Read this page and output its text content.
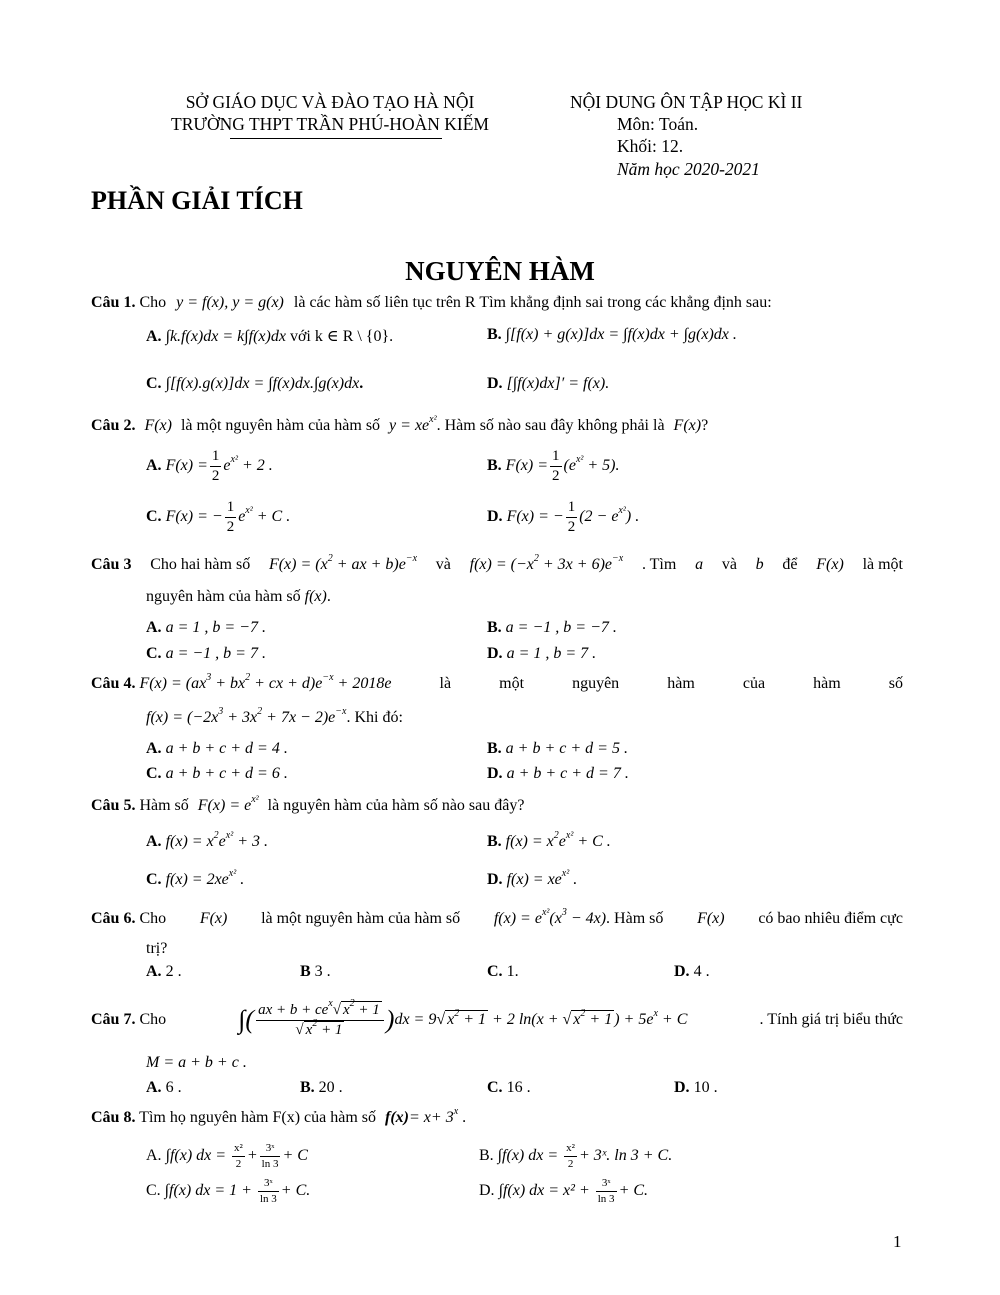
SỞ GIÁO DỤC VÀ ĐÀO TẠO HÀ NỘI
TRƯỜNG THPT TRẦN PHÚ-HOÀN KIẾM
NỘI DUNG ÔN TẬP HỌC KÌ II
Môn: Toán.
Khối: 12.
Năm học 2020-2021
PHẦN GIẢI TÍCH
NGUYÊN HÀM
Câu 1. Cho y = f(x), y = g(x) là các hàm số liên tục trên R Tìm khẳng định sai trong các khẳng định sau:
A. ∫k.f(x)dx = k∫f(x)dx với k ∈ R \ {0}.	B. ∫[f(x) + g(x)]dx = ∫f(x)dx + ∫g(x)dx .
C. ∫[f(x).g(x)]dx = ∫f(x)dx.∫g(x)dx.	D. [∫f(x)dx]′ = f(x).
Câu 2. F(x) là một nguyên hàm của hàm số $y = xe^{x^2}$. Hàm số nào sau đây không phải là F(x)?
A. $F(x) = \frac{1}{2} e^{x^2} + 2$ .	B. $F(x) = \frac{1}{2} (e^{x^2} + 5)$.
C. F(x) = − $\frac{1}{2} e^{x^2} + C$ .	D. F(x) = − $\frac{1}{2} (2 - e^{x^2})$ .
Câu 3 Cho hai hàm số $F(x) = (x^2$ + ax + $b)e^{-x}$ và $f(x) = (-x^2 + 3x + 6)e^{-x}$ . Tìm a và b để F(x) là một
nguyên hàm của hàm số f(x).
A. a = 1 , b = −7 .	B. a = −1 , b = −7 .
C. a = −1 , b = 7 .	D. a = 1 , b = 7 .
Câu 4. $F(x) = (ax^3 + bx^2$ + cx + $d)e^{-x} + 2018e$	là	một	nguyên	hàm	của	hàm	số
$f(x) = (-2x^3 + 3x^2 + 7x - 2)e^{-x}$. Khi đó:
A. a + b + c + d = 4 .	B. a + b + c + d = 5 .
C. a + b + c + d = 6 .	D. a + b + c + d = 7 .
Câu 5. Hàm số $F(x) = e^{x^2}$ là nguyên hàm của hàm số nào sau đây?
A. $f(x) = x^2e^{x^2} + 3$ .	B. $f(x) = x^2e^{x^2} + C$ .
C. $f(x) = 2xe^{x^2}$ .	D. $f(x) = xe^{x^2}$ .
Câu 6. Cho F(x) là một nguyên hàm của hàm số $f(x) = e^{x^2}(x^3 - 4x)$. Hàm số F(x) có bao nhiêu điểm cực
trị?
A. 2 .	B 3 .	C. 1.	D. 4 .
Câu 7. Cho	∫ ( $\frac{ax + b + ce^x√ x^2 + 1}{√ x^2 + 1}$ ) dx = 9√ $x^2 + 1 + 2$ ln(x + √ $x^2 + 1$ ) + $5e^x + C$	. Tính giá trị biểu thức
M = a + b + c .
A. 6 .	B. 20 .	C. 16 .	D. 10 .
Câu 8. Tìm họ nguyên hàm F(x) của hàm số $f(x)= x+ 3^x$ .
A. ∫f(x) dx = $\frac{\text{x²}}{2} + \frac{\text{3ˣ}}{\ln 3} + C$	B. ∫f(x) dx = $\frac{\text{x²}}{2}$ + 3ˣ. ln 3 + C.
C. ∫f(x) dx = $1 + \frac{\text{3ˣ}}{\ln 3} + C$.	D. ∫f(x) dx = $x^2 + \frac{\text{3ˣ}}{\ln 3} + C$.
1
